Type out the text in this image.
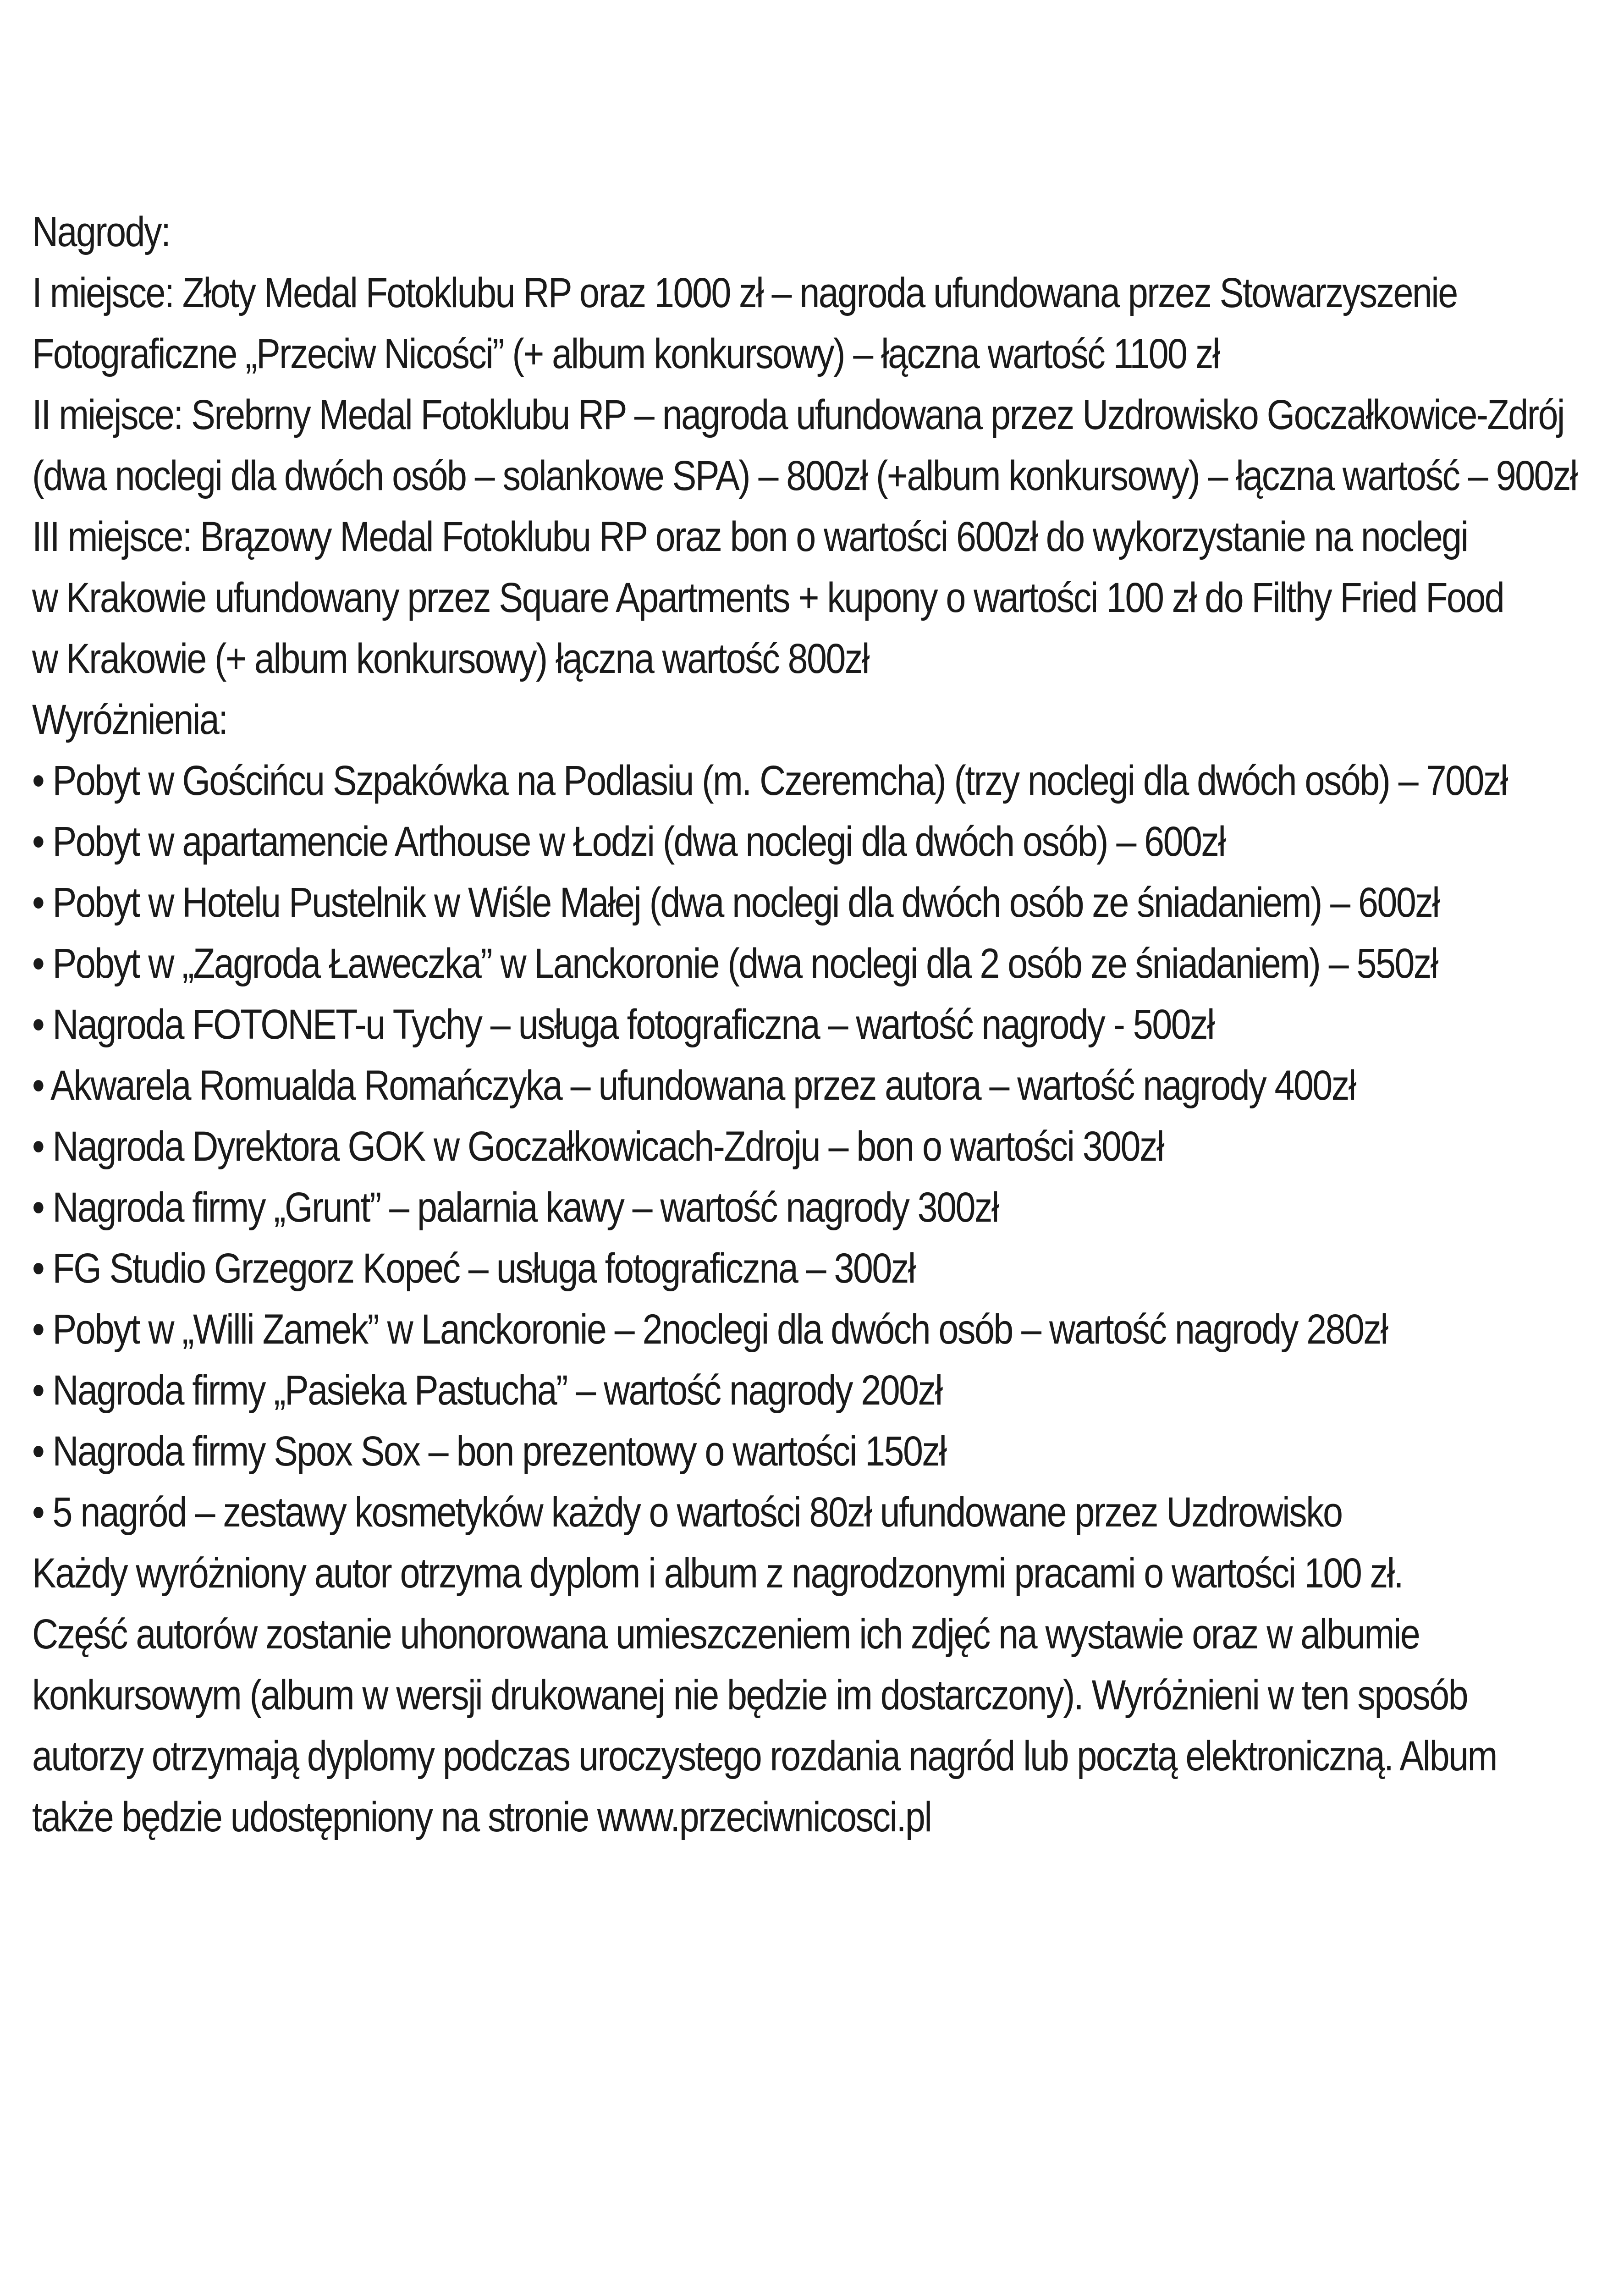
Nagrody:
I miejsce: Złoty Medal Fotoklubu RP oraz 1000 zł – nagroda ufundowana przez Stowarzyszenie
Fotograficzne „Przeciw Nicości” (+ album konkursowy) – łączna wartość 1100 zł
II miejsce: Srebrny Medal Fotoklubu RP – nagroda ufundowana przez Uzdrowisko Goczałkowice-Zdrój
(dwa noclegi dla dwóch osób – solankowe SPA) – 800zł (+album konkursowy) – łączna wartość – 900zł
III miejsce: Brązowy Medal Fotoklubu RP oraz bon o wartości 600zł do wykorzystanie na noclegi
w Krakowie ufundowany przez Square Apartments + kupony o wartości 100 zł do Filthy Fried Food
w Krakowie (+ album konkursowy) łączna wartość 800zł
Wyróżnienia:
• Pobyt w Gościńcu Szpakówka na Podlasiu (m. Czeremcha) (trzy noclegi dla dwóch osób) – 700zł
• Pobyt w apartamencie Arthouse w Łodzi (dwa noclegi dla dwóch osób) – 600zł
• Pobyt w Hotelu Pustelnik w Wiśle Małej (dwa noclegi dla dwóch osób ze śniadaniem) – 600zł
• Pobyt w „Zagroda Ławeczka” w Lanckoronie (dwa noclegi dla 2 osób ze śniadaniem) – 550zł
• Nagroda FOTONET-u Tychy – usługa fotograficzna – wartość nagrody - 500zł
• Akwarela Romualda Romańczyka – ufundowana przez autora – wartość nagrody 400zł
• Nagroda Dyrektora GOK w Goczałkowicach-Zdroju – bon o wartości 300zł
• Nagroda firmy „Grunt” – palarnia kawy – wartość nagrody 300zł
• FG Studio Grzegorz Kopeć – usługa fotograficzna – 300zł
• Pobyt w „Willi Zamek” w Lanckoronie – 2noclegi dla dwóch osób – wartość nagrody 280zł
• Nagroda firmy „Pasieka Pastucha” – wartość nagrody 200zł
• Nagroda firmy Spox Sox – bon prezentowy o wartości 150zł
• 5 nagród – zestawy kosmetyków każdy o wartości 80zł ufundowane przez Uzdrowisko
Każdy wyróżniony autor otrzyma dyplom i album z nagrodzonymi pracami o wartości 100 zł.
Część autorów zostanie uhonorowana umieszczeniem ich zdjęć na wystawie oraz w albumie
konkursowym (album w wersji drukowanej nie będzie im dostarczony). Wyróżnieni w ten sposób
autorzy otrzymają dyplomy podczas uroczystego rozdania nagród lub pocztą elektroniczną. Album
także będzie udostępniony na stronie www.przeciwnicosci.pl
